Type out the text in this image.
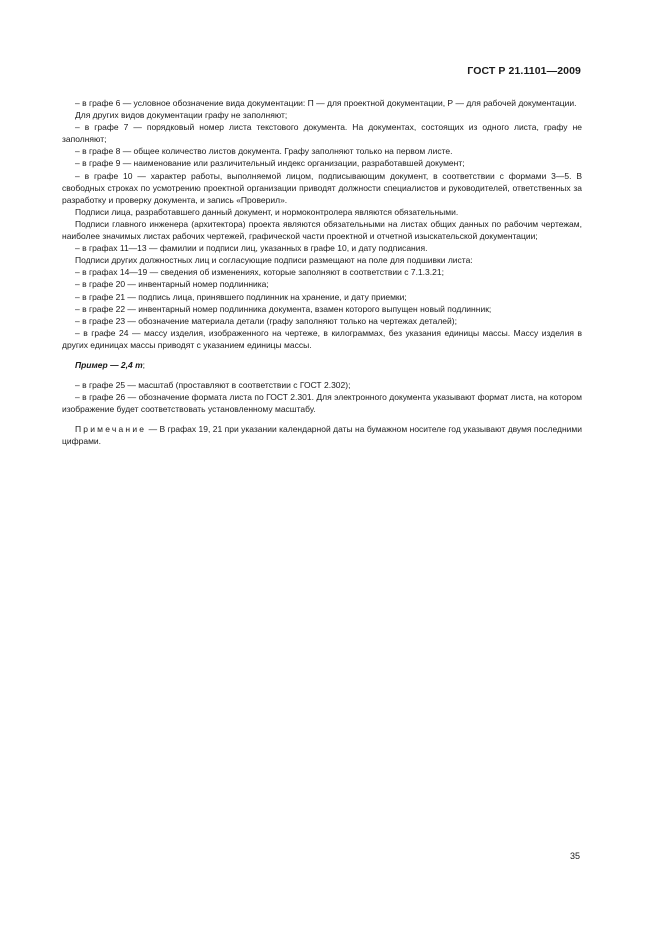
ГОСТ Р 21.1101—2009

– в графе 6 — условное обозначение вида документации: П — для проектной документации, Р — для рабочей документации.

Для других видов документации графу не заполняют;

– в графе 7 — порядковый номер листа текстового документа. На документах, состоящих из одного листа, графу не заполняют;

– в графе 8 — общее количество листов документа. Графу заполняют только на первом листе.

– в графе 9 — наименование или различительный индекс организации, разработавшей документ;

– в графе 10 — характер работы, выполняемой лицом, подписывающим документ, в соответствии с формами 3—5. В свободных строках по усмотрению проектной организации приводят должности специалистов и руководителей, ответственных за разработку и проверку документа, и запись «Проверил».

Подписи лица, разработавшего данный документ, и нормоконтролера являются обязательными.

Подписи главного инженера (архитектора) проекта являются обязательными на листах общих данных по рабочим чертежам, наиболее значимых листах рабочих чертежей, графической части проектной и отчетной изыскательской документации;

– в графах 11—13 — фамилии и подписи лиц, указанных в графе 10, и дату подписания.

Подписи других должностных лиц и согласующие подписи размещают на поле для подшивки листа:

– в графах 14—19 — сведения об изменениях, которые заполняют в соответствии с 7.1.3.21;

– в графе 20 — инвентарный номер подлинника;

– в графе 21 — подпись лица, принявшего подлинник на хранение, и дату приемки;

– в графе 22 — инвентарный номер подлинника документа, взамен которого выпущен новый подлинник;

– в графе 23 — обозначение материала детали (графу заполняют только на чертежах деталей);

– в графе 24 — массу изделия, изображенного на чертеже, в килограммах, без указания единицы массы. Массу изделия в других единицах массы приводят с указанием единицы массы.

Пример — 2,4 т;

– в графе 25 — масштаб (проставляют в соответствии с ГОСТ 2.302);

– в графе 26 — обозначение формата листа по ГОСТ 2.301. Для электронного документа указывают формат листа, на котором изображение будет соответствовать установленному масштабу.

Примечание — В графах 19, 21 при указании календарной даты на бумажном носителе год указывают двумя последними цифрами.

35
